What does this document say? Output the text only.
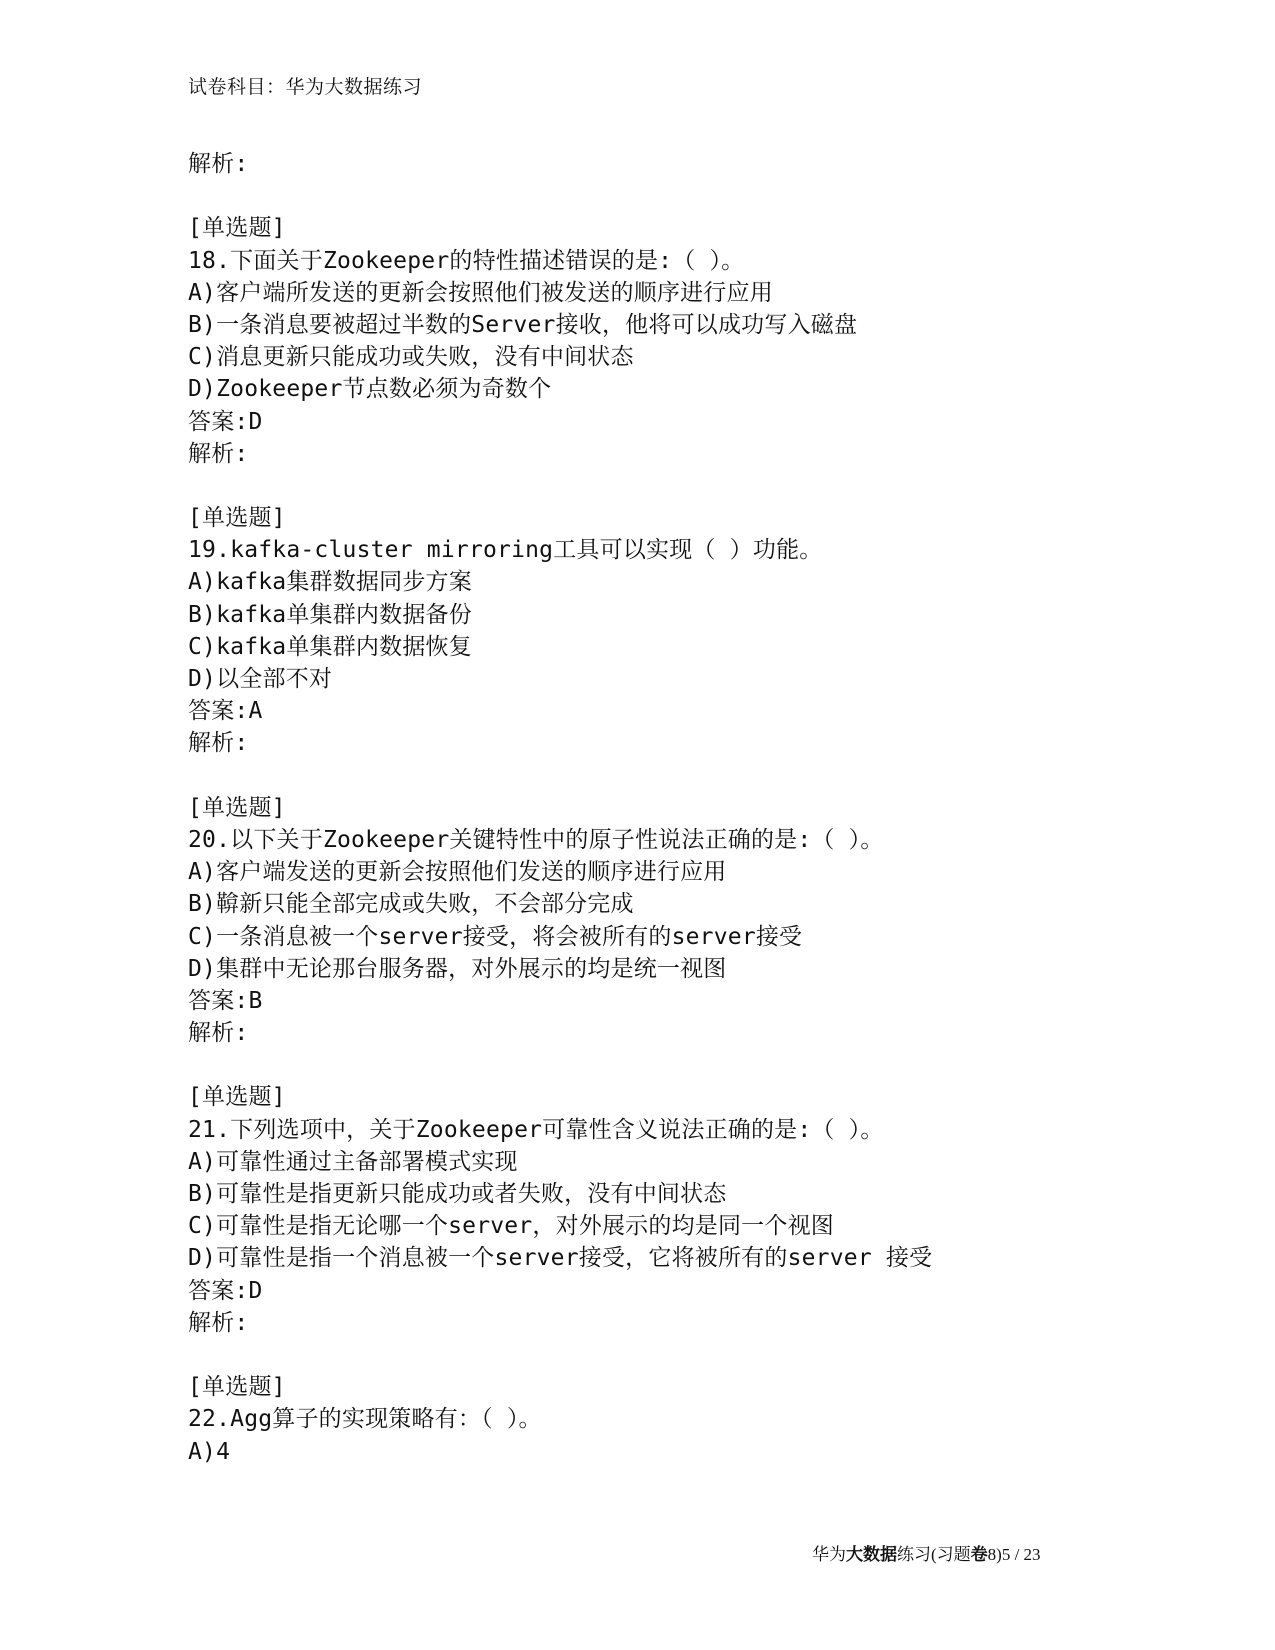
试卷科目：华为大数据练习
解析:
[单选题]
18.下面关于Zookeeper的特性描述错误的是:（ ）。
A)客户端所发送的更新会按照他们被发送的顺序进行应用
B)一条消息要被超过半数的Server接收，他将可以成功写入磁盘
C)消息更新只能成功或失败，没有中间状态
D)Zookeeper节点数必须为奇数个
答案:D
解析:
[单选题]
19.kafka-cluster mirroring工具可以实现（ ）功能。
A)kafka集群数据同步方案
B)kafka单集群内数据备份
C)kafka单集群内数据恢复
D)以全部不对
答案:A
解析:
[单选题]
20.以下关于Zookeeper关键特性中的原子性说法正确的是:（ ）。
A)客户端发送的更新会按照他们发送的顺序进行应用
B)鞥新只能全部完成或失败，不会部分完成
C)一条消息被一个server接受，将会被所有的server接受
D)集群中无论那台服务器，对外展示的均是统一视图
答案:B
解析:
[单选题]
21.下列选项中，关于Zookeeper可靠性含义说法正确的是:（ ）。
A)可靠性通过主备部署模式实现
B)可靠性是指更新只能成功或者失败，没有中间状态
C)可靠性是指无论哪一个server，对外展示的均是同一个视图
D)可靠性是指一个消息被一个server接受，它将被所有的server 接受
答案:D
解析:
[单选题]
22.Agg算子的实现策略有：（ ）。
A)4
华为大数据练习(习题卷8)5 / 23
